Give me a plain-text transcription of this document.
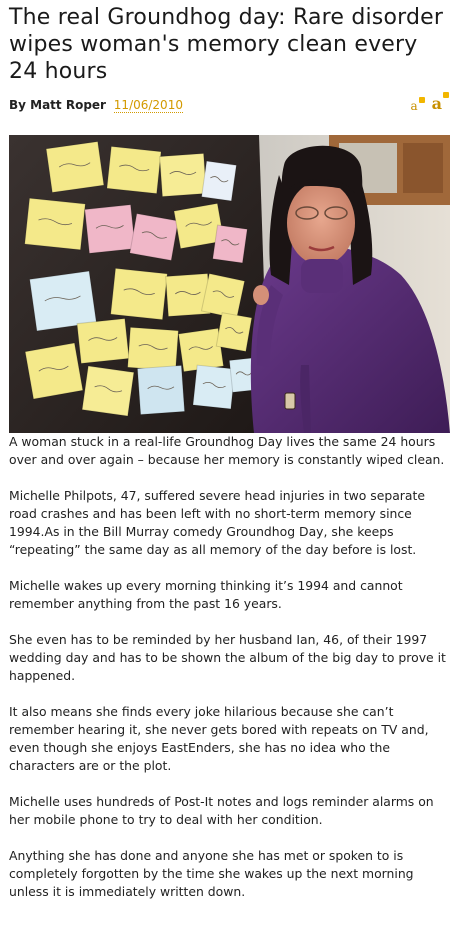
The real Groundhog day: Rare disorder wipes woman's memory clean every 24 hours
By Matt Roper 11/06/2010	a a

A woman stuck in a real-life Groundhog Day lives the same 24 hours over and over again – because her memory is constantly wiped clean.

Michelle Philpots, 47, suffered severe head injuries in two separate road crashes and has been left with no short-term memory since 1994.As in the Bill Murray comedy Groundhog Day, she keeps “repeating” the same day as all memory of the day before is lost.

Michelle wakes up every morning thinking it’s 1994 and cannot remember anything from the past 16 years.

She even has to be reminded by her husband Ian, 46, of their 1997 wedding day and has to be shown the album of the big day to prove it happened.

It also means she finds every joke hilarious because she can’t remember hearing it, she never gets bored with repeats on TV and, even though she enjoys EastEnders, she has no idea who the characters are or the plot.

Michelle uses hundreds of Post-It notes and logs reminder alarms on her mobile phone to try to deal with her condition.

Anything she has done and anyone she has met or spoken to is completely forgotten by the time she wakes up the next morning unless it is immediately written down.
